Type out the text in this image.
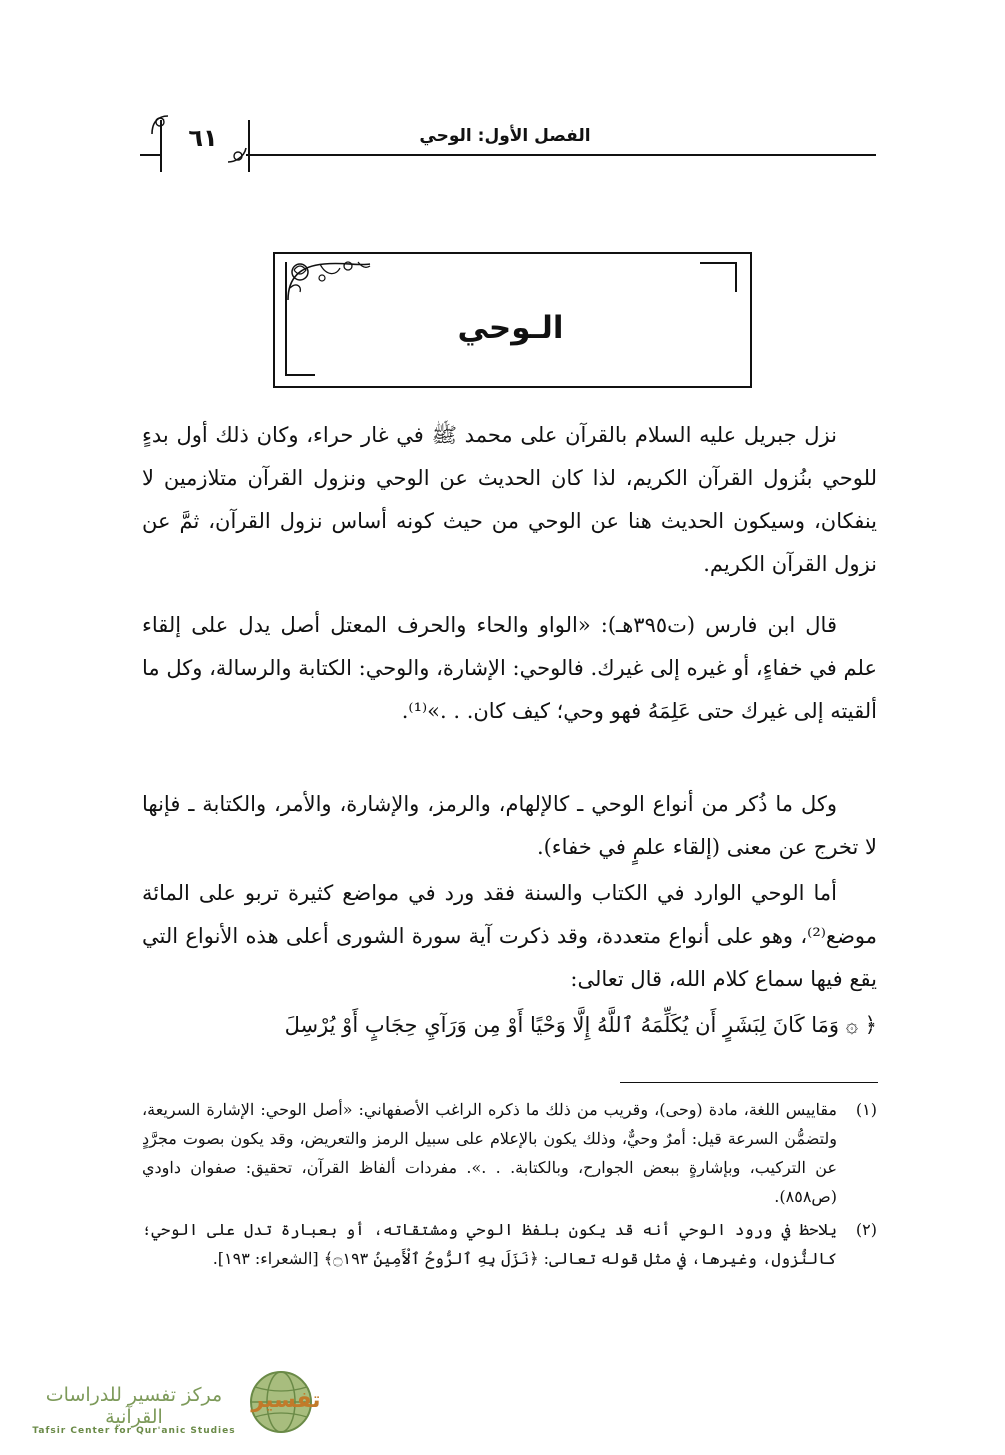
الفصل الأول: الوحي
٦١
الـوحي

نزل جبريل عليه السلام بالقرآن على محمد ﷺ في غار حراء، وكان ذلك أول بدءٍ للوحي بنُزول القرآن الكريم، لذا كان الحديث عن الوحي ونزول القرآن متلازمين لا ينفكان، وسيكون الحديث هنا عن الوحي من حيث كونه أساس نزول القرآن، ثمَّ عن نزول القرآن الكريم.

قال ابن فارس (ت٣٩٥هـ): «الواو والحاء والحرف المعتل أصل يدل على إلقاء علم في خفاءٍ، أو غيره إلى غيرك. فالوحي: الإشارة، والوحي: الكتابة والرسالة، وكل ما ألقيته إلى غيرك حتى عَلِمَهُ فهو وحي؛ كيف كان. . .»⁽¹⁾.

وكل ما ذُكر من أنواع الوحي ـ كالإلهام، والرمز، والإشارة، والأمر، والكتابة ـ فإنها لا تخرج عن معنى (إلقاء علمٍ في خفاء).

أما الوحي الوارد في الكتاب والسنة فقد ورد في مواضع كثيرة تربو على المائة موضع⁽²⁾، وهو على أنواع متعددة، وقد ذكرت آية سورة الشورى أعلى هذه الأنواع التي يقع فيها سماع كلام الله، قال تعالى:

﴿ ۞ وَمَا كَانَ لِبَشَرٍ أَن يُكَلِّمَهُ ٱللَّهُ إِلَّا وَحْيًا أَوْ مِن وَرَآيِ حِجَابٍ أَوْ يُرْسِلَ
(١)
مقاييس اللغة، مادة (وحى)، وقريب من ذلك ما ذكره الراغب الأصفهاني: «أصل الوحي: الإشارة السريعة، ولتضمُّن السرعة قيل: أمرٌ وحيٌّ، وذلك يكون بالإعلام على سبيل الرمز والتعريض، وقد يكون بصوت مجرَّدٍ عن التركيب، وبإشارةٍ ببعض الجوارح، وبالكتابة. . .». مفردات ألفاظ القرآن، تحقيق: صفوان داودي (ص٨٥٨).
(٢)
يلاحظ في ورود الوحي أنه قد يكون بلفظ الوحي ومشتقاته، أو بعبارة تدل على الوحي؛ كالنُّزول، وغيرها، في مثل قوله تعالى: ﴿نَزَلَ بِهِ ٱلرُّوحُ ٱلْأَمِينُ ۝١٩٣﴾ [الشعراء: ١٩٣].
مركز تفسير للدراسات القرآنية
Tafsir Center for Qur'anic Studies
تفسير
